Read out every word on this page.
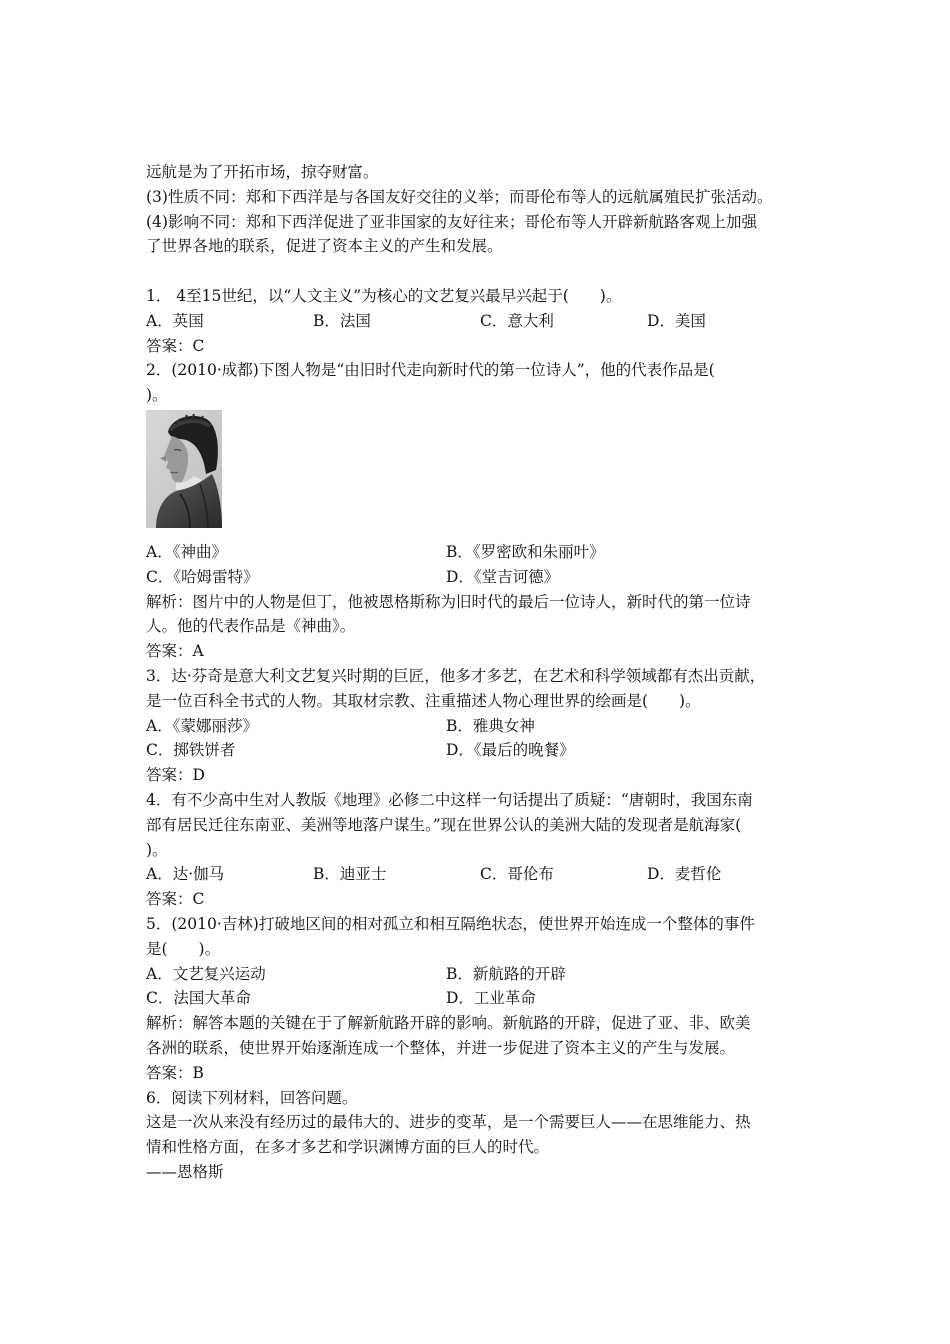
远航是为了开拓市场，掠夺财富。
(3)性质不同：郑和下西洋是与各国友好交往的义举；而哥伦布等人的远航属殖民扩张活动。
(4)影响不同：郑和下西洋促进了亚非国家的友好往来；哥伦布等人开辟新航路客观上加强
了世界各地的联系，促进了资本主义的产生和发展。
1． 4至15世纪，以“人文主义”为核心的文艺复兴最早兴起于(　　)。
A．英国	B．法国	C．意大利	D．美国
答案：C
2．(2010·成都)下图人物是“由旧时代走向新时代的第一位诗人”，他的代表作品是(
)。
A．《神曲》	B．《罗密欧和朱丽叶》
C．《哈姆雷特》	D．《堂吉诃德》
解析：图片中的人物是但丁，他被恩格斯称为旧时代的最后一位诗人，新时代的第一位诗
人。他的代表作品是《神曲》。
答案：A
3．达·芬奇是意大利文艺复兴时期的巨匠，他多才多艺，在艺术和科学领域都有杰出贡献，
是一位百科全书式的人物。其取材宗教、注重描述人物心理世界的绘画是(　　)。
A．《蒙娜丽莎》	B．雅典女神
C．掷铁饼者	D．《最后的晚餐》
答案：D
4．有不少高中生对人教版《地理》必修二中这样一句话提出了质疑：“唐朝时，我国东南
部有居民迁往东南亚、美洲等地落户谋生。”现在世界公认的美洲大陆的发现者是航海家(
)。
A．达·伽马	B．迪亚士	C．哥伦布	D．麦哲伦
答案：C
5．(2010·吉林)打破地区间的相对孤立和相互隔绝状态，使世界开始连成一个整体的事件
是(　　)。
A．文艺复兴运动	B．新航路的开辟
C．法国大革命	D．工业革命
解析：解答本题的关键在于了解新航路开辟的影响。新航路的开辟，促进了亚、非、欧美
各洲的联系，使世界开始逐渐连成一个整体，并进一步促进了资本主义的产生与发展。
答案：B
6．阅读下列材料，回答问题。
这是一次从来没有经历过的最伟大的、进步的变革，是一个需要巨人——在思维能力、热
情和性格方面，在多才多艺和学识渊博方面的巨人的时代。
——恩格斯
